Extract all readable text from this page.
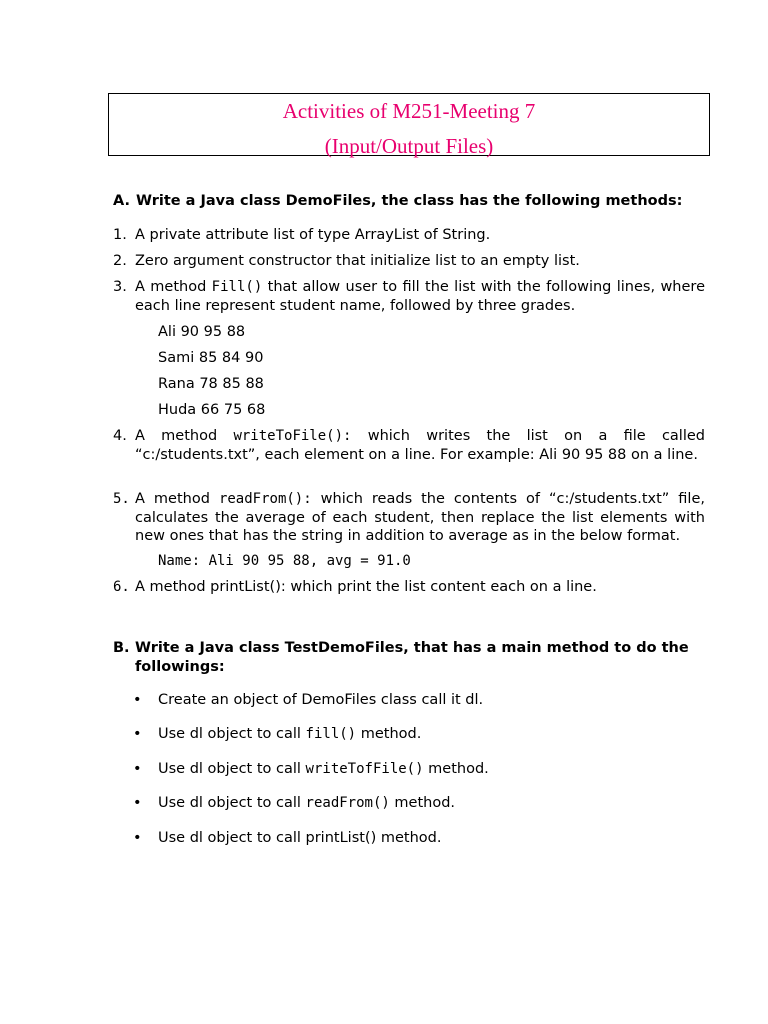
Activities of M251-Meeting 7
(Input/Output Files)
A. Write a Java class DemoFiles, the class has the following methods:
1. A private attribute list of type ArrayList of String.
2. Zero argument constructor that initialize list to an empty list.
3. A method Fill() that allow user to fill the list with the following lines, where each line represent student name, followed by three grades.
Ali 90 95 88
Sami 85 84 90
Rana 78 85 88
Huda 66 75 68
4. A method writeToFile(): which writes the list on a file called “c:/students.txt”, each element on a line. For example: Ali 90 95 88 on a line.
5. A method readFrom(): which reads the contents of “c:/students.txt” file, calculates the average of each student, then replace the list elements with new ones that has the string in addition to average as in the below format.
Name: Ali 90 95 88, avg = 91.0
6. A method printList(): which print the list content each on a line.
B. Write a Java class TestDemoFiles, that has a main method to do the followings:
• Create an object of DemoFiles class call it dl.
• Use dl object to call fill() method.
• Use dl object to call writeTofFile() method.
• Use dl object to call readFrom() method.
• Use dl object to call printList() method.
